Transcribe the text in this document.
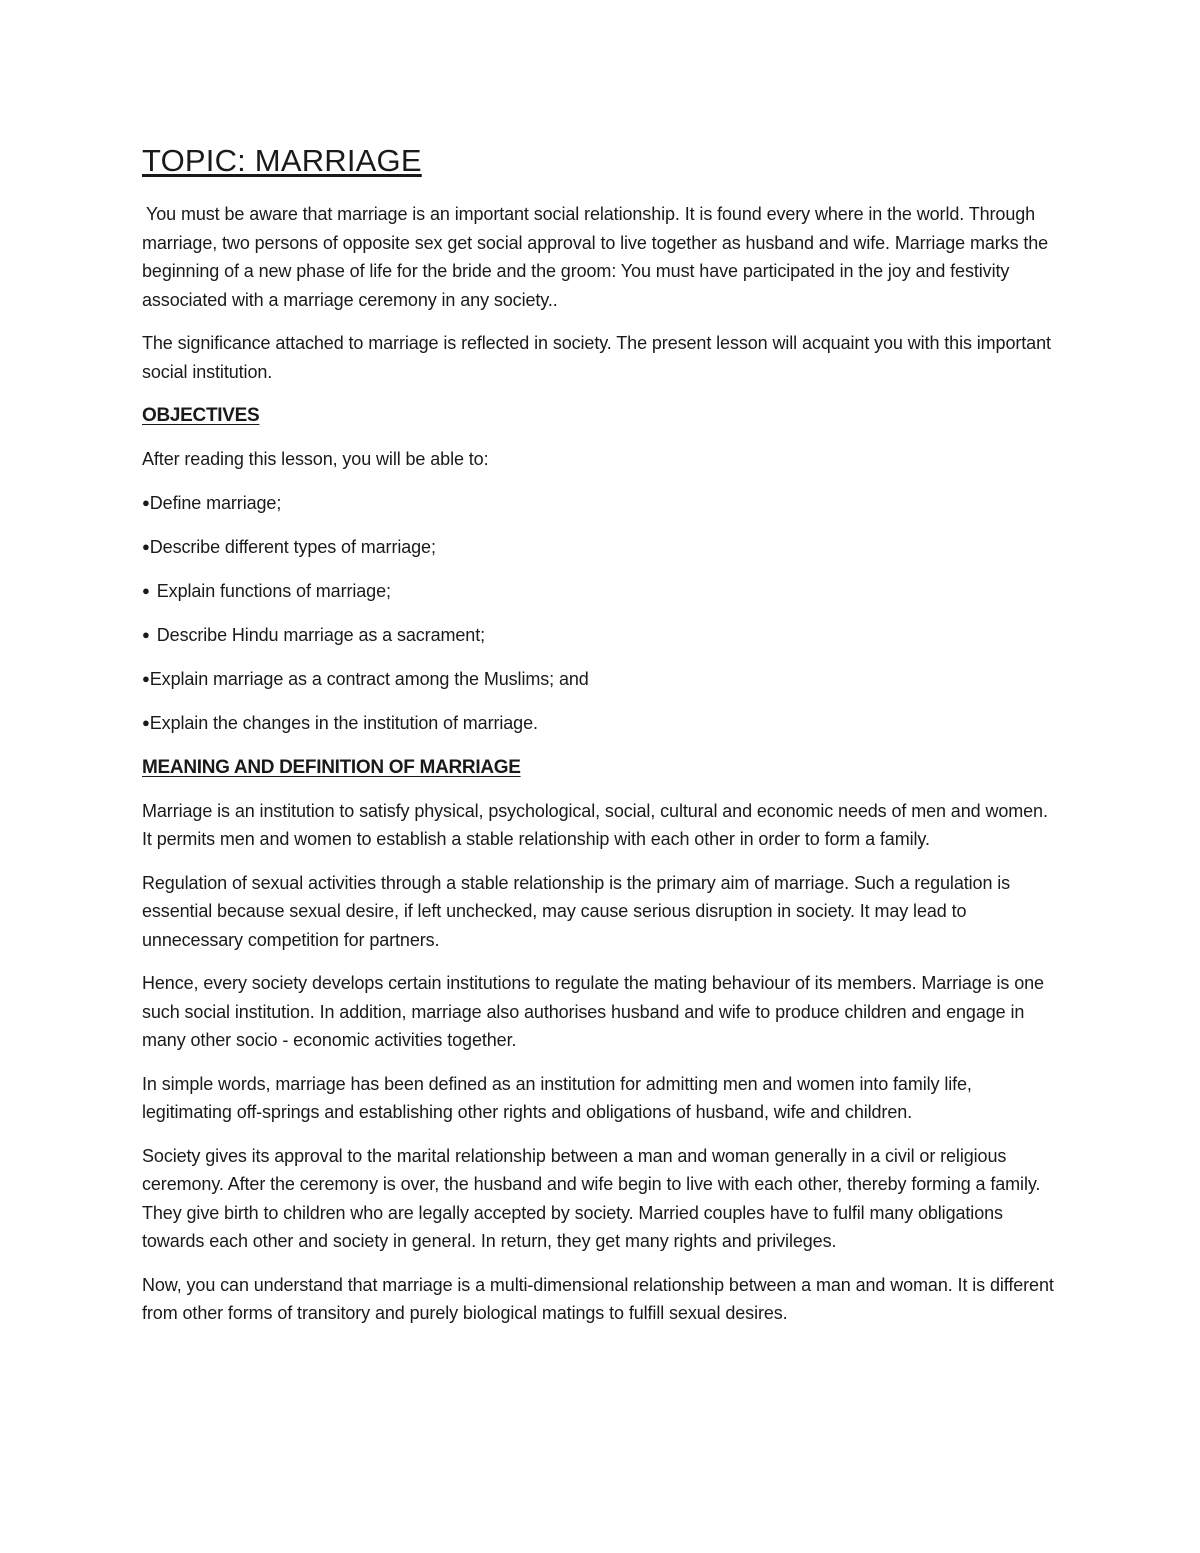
TOPIC: MARRIAGE

You must be aware that marriage is an important social relationship. It is found every where in the world. Through marriage, two persons of opposite sex get social approval to live together as husband and wife. Marriage marks the beginning of a new phase of life for the bride and the groom: You must have participated in the joy and festivity associated with a marriage ceremony in any society..

The significance attached to marriage is reflected in society. The present lesson will acquaint you with this important social institution.

OBJECTIVES

After reading this lesson, you will be able to:

●Define marriage;
●Describe different types of marriage;
● Explain functions of marriage;
● Describe Hindu marriage as a sacrament;
●Explain marriage as a contract among the Muslims; and
●Explain the changes in the institution of marriage.
MEANING AND DEFINITION OF MARRIAGE

Marriage is an institution to satisfy physical, psychological, social, cultural and economic needs of men and women. It permits men and women to establish a stable relationship with each other in order to form a family.

Regulation of sexual activities through a stable relationship is the primary aim of marriage. Such a regulation is essential because sexual desire, if left unchecked, may cause serious disruption in society. It may lead to unnecessary competition for partners.

Hence, every society develops certain institutions to regulate the mating behaviour of its members. Marriage is one such social institution. In addition, marriage also authorises husband and wife to produce children and engage in many other socio - economic activities together.

In simple words, marriage has been defined as an institution for admitting men and women into family life, legitimating off-springs and establishing other rights and obligations of husband, wife and children.

Society gives its approval to the marital relationship between a man and woman generally in a civil or religious ceremony. After the ceremony is over, the husband and wife begin to live with each other, thereby forming a family. They give birth to children who are legally accepted by society. Married couples have to fulfil many obligations towards each other and society in general. In return, they get many rights and privileges.

Now, you can understand that marriage is a multi-dimensional relationship between a man and woman. It is different from other forms of transitory and purely biological matings to fulfill sexual desires.
